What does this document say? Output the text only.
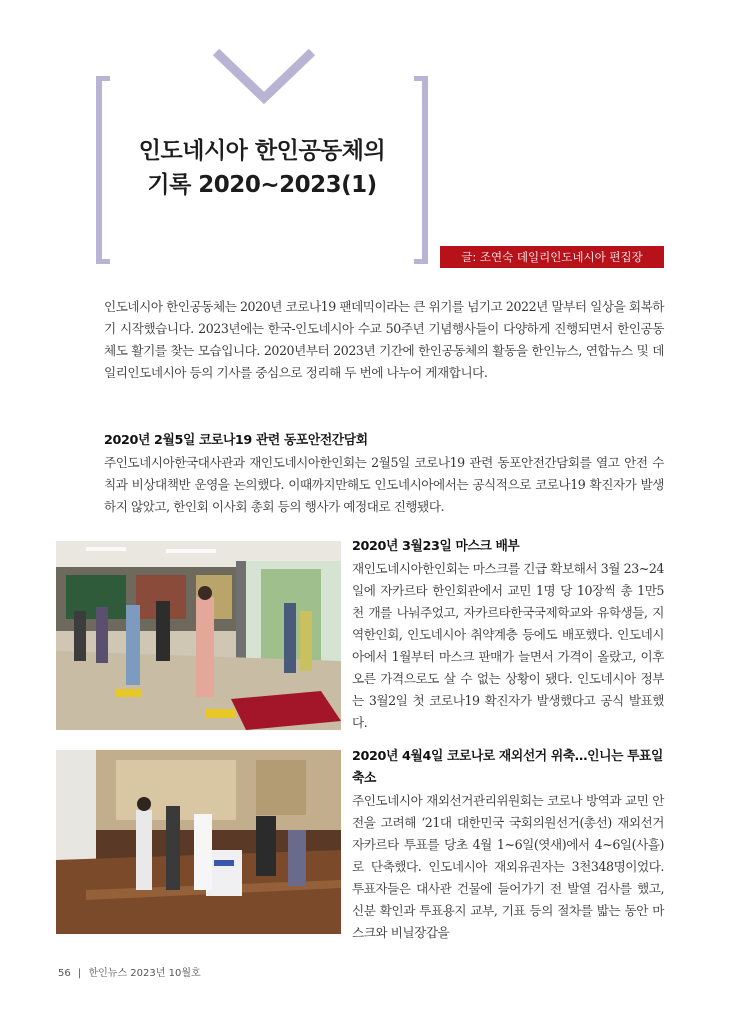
인도네시아 한인공동체의
기록 2020~2023(1)
글: 조연숙 데일리인도네시아 편집장
인도네시아 한인공동체는 2020년 코로나19 팬데믹이라는 큰 위기를 넘기고 2022년 말부터 일상을 회복하기 시작했습니다. 2023년에는 한국-인도네시아 수교 50주년 기념행사들이 다양하게 진행되면서 한인공동체도 활기를 찾는 모습입니다. 2020년부터 2023년 기간에 한인공동체의 활동을 한인뉴스, 연합뉴스 및 데일리인도네시아 등의 기사를 중심으로 정리해 두 번에 나누어 게재합니다.
2020년 2월5일 코로나19 관련 동포안전간담회
주인도네시아한국대사관과 재인도네시아한인회는 2월5일 코로나19 관련 동포안전간담회를 열고 안전 수칙과 비상대책반 운영을 논의했다. 이때까지만해도 인도네시아에서는 공식적으로 코로나19 확진자가 발생하지 않았고, 한인회 이사회 총회 등의 행사가 예정대로 진행됐다.
2020년 3월23일 마스크 배부
재인도네시아한인회는 마스크를 긴급 확보해서 3월 23~24일에 자카르타 한인회관에서 교민 1명 당 10장씩 총 1만5천 개를 나눠주었고, 자카르타한국국제학교와 유학생들, 지역한인회, 인도네시아 취약계층 등에도 배포했다. 인도네시아에서 1월부터 마스크 판매가 늘면서 가격이 올랐고, 이후 오른 가격으로도 살 수 없는 상황이 됐다. 인도네시아 정부는 3월2일 첫 코로나19 확진자가 발생했다고 공식 발표했다.
2020년 4월4일 코로나로 재외선거 위축…인니는 투표일 축소
주인도네시아 재외선거관리위원회는 코로나 방역과 교민 안전을 고려해 ‘21대 대한민국 국회의원선거(총선) 재외선거 자카르타 투표를 당초 4월 1~6일(엿새)에서 4~6일(사흘)로 단축했다. 인도네시아 재외유권자는 3천348명이었다. 투표자들은 대사관 건물에 들어가기 전 발열 검사를 했고, 신분 확인과 투표용지 교부, 기표 등의 절차를 밟는 동안 마스크와 비닐장갑을
56 | 한인뉴스 2023년 10월호
